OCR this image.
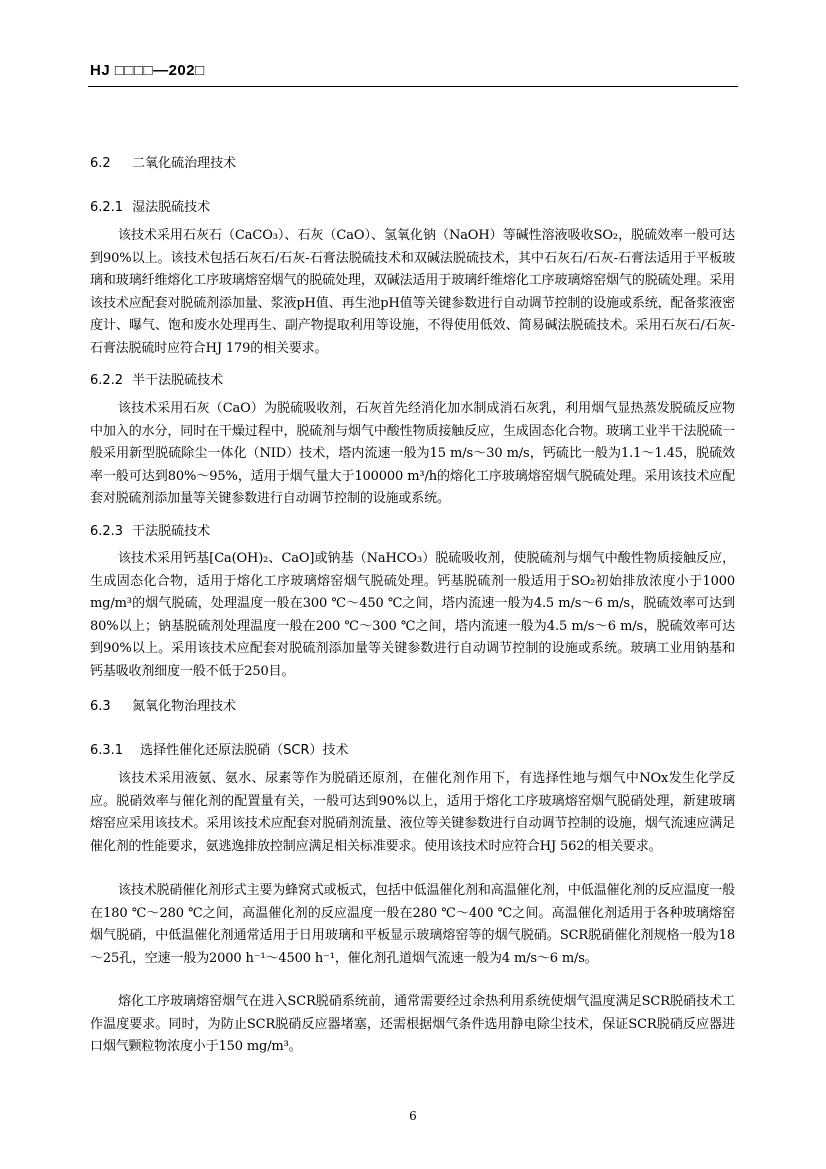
HJ □□□□—202□
6.2 二氧化硫治理技术
6.2.1 湿法脱硫技术

该技术采用石灰石（CaCO₃）、石灰（CaO）、氢氧化钠（NaOH）等碱性溶液吸收SO₂，脱硫效率一般可达到90%以上。该技术包括石灰石/石灰-石膏法脱硫技术和双碱法脱硫技术，其中石灰石/石灰-石膏法适用于平板玻璃和玻璃纤维熔化工序玻璃熔窑烟气的脱硫处理，双碱法适用于玻璃纤维熔化工序玻璃熔窑烟气的脱硫处理。采用该技术应配套对脱硫剂添加量、浆液pH值、再生池pH值等关键参数进行自动调节控制的设施或系统，配备浆液密度计、曝气、饱和废水处理再生、副产物提取利用等设施，不得使用低效、简易碱法脱硫技术。采用石灰石/石灰-石膏法脱硫时应符合HJ 179的相关要求。

6.2.2 半干法脱硫技术

该技术采用石灰（CaO）为脱硫吸收剂，石灰首先经消化加水制成消石灰乳，利用烟气显热蒸发脱硫反应物中加入的水分，同时在干燥过程中，脱硫剂与烟气中酸性物质接触反应，生成固态化合物。玻璃工业半干法脱硫一般采用新型脱硫除尘一体化（NID）技术，塔内流速一般为15 m/s～30 m/s，钙硫比一般为1.1～1.45，脱硫效率一般可达到80%～95%，适用于烟气量大于100000 m³/h的熔化工序玻璃熔窑烟气脱硫处理。采用该技术应配套对脱硫剂添加量等关键参数进行自动调节控制的设施或系统。

6.2.3 干法脱硫技术

该技术采用钙基[Ca(OH)₂、CaO]或钠基（NaHCO₃）脱硫吸收剂，使脱硫剂与烟气中酸性物质接触反应，生成固态化合物，适用于熔化工序玻璃熔窑烟气脱硫处理。钙基脱硫剂一般适用于SO₂初始排放浓度小于1000 mg/m³的烟气脱硫，处理温度一般在300 ℃～450 ℃之间，塔内流速一般为4.5 m/s～6 m/s，脱硫效率可达到80%以上；钠基脱硫剂处理温度一般在200 ℃～300 ℃之间，塔内流速一般为4.5 m/s～6 m/s，脱硫效率可达到90%以上。采用该技术应配套对脱硫剂添加量等关键参数进行自动调节控制的设施或系统。玻璃工业用钠基和钙基吸收剂细度一般不低于250目。

6.3 氮氧化物治理技术
6.3.1 选择性催化还原法脱硝（SCR）技术

该技术采用液氨、氨水、尿素等作为脱硝还原剂，在催化剂作用下，有选择性地与烟气中NOx发生化学反应。脱硝效率与催化剂的配置量有关，一般可达到90%以上，适用于熔化工序玻璃熔窑烟气脱硝处理，新建玻璃熔窑应采用该技术。采用该技术应配套对脱硝剂流量、液位等关键参数进行自动调节控制的设施，烟气流速应满足催化剂的性能要求，氨逃逸排放控制应满足相关标准要求。使用该技术时应符合HJ 562的相关要求。

该技术脱硝催化剂形式主要为蜂窝式或板式，包括中低温催化剂和高温催化剂，中低温催化剂的反应温度一般在180 ℃～280 ℃之间，高温催化剂的反应温度一般在280 ℃～400 ℃之间。高温催化剂适用于各种玻璃熔窑烟气脱硝，中低温催化剂通常适用于日用玻璃和平板显示玻璃熔窑等的烟气脱硝。SCR脱硝催化剂规格一般为18～25孔，空速一般为2000 h⁻¹～4500 h⁻¹，催化剂孔道烟气流速一般为4 m/s～6 m/s。

熔化工序玻璃熔窑烟气在进入SCR脱硝系统前，通常需要经过余热利用系统使烟气温度满足SCR脱硝技术工作温度要求。同时，为防止SCR脱硝反应器堵塞，还需根据烟气条件选用静电除尘技术，保证SCR脱硝反应器进口烟气颗粒物浓度小于150 mg/m³。

6
